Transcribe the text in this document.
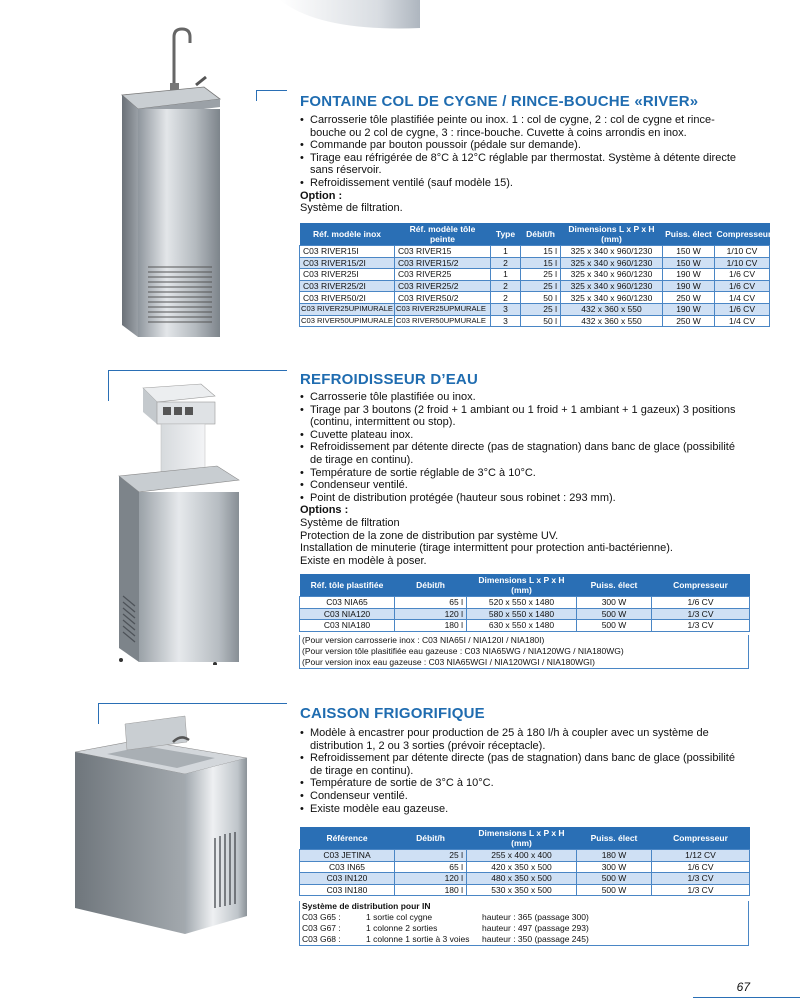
FONTAINE COL DE CYGNE / RINCE-BOUCHE «RIVER»
• Carrosserie tôle plastifiée peinte ou inox. 1 : col de cygne, 2 : col de cygne et rince-bouche ou 2 col de cygne, 3 : rince-bouche. Cuvette à coins arrondis en inox.
• Commande par bouton poussoir (pédale sur demande).
• Tirage eau réfrigérée de 8°C à 12°C réglable par thermostat. Système à détente directe sans réservoir.
• Refroidissement ventilé (sauf modèle 15).
Option :
Système de filtration.
Réf. modèle inox	Réf. modèle tôle peinte	Type	Débit/h	Dimensions L x P x H (mm)	Puiss. élect	Compresseur
C03 RIVER15I	C03 RIVER15	1	15 l	325 x 340 x 960/1230	150 W	1/10 CV
C03 RIVER15/2I	C03 RIVER15/2	2	15 l	325 x 340 x 960/1230	150 W	1/10 CV
C03 RIVER25I	C03 RIVER25	1	25 l	325 x 340 x 960/1230	190 W	1/6 CV
C03 RIVER25/2I	C03 RIVER25/2	2	25 l	325 x 340 x 960/1230	190 W	1/6 CV
C03 RIVER50/2I	C03 RIVER50/2	2	50 l	325 x 340 x 960/1230	250 W	1/4 CV
C03 RIVER25UPIMURALE	C03 RIVER25UPMURALE	3	25 l	432 x 360 x 550	190 W	1/6 CV
C03 RIVER50UPIMURALE	C03 RIVER50UPMURALE	3	50 l	432 x 360 x 550	250 W	1/4 CV
REFROIDISSEUR D’EAU
• Carrosserie tôle plastifiée ou inox.
• Tirage par 3 boutons (2 froid + 1 ambiant ou 1 froid + 1 ambiant + 1 gazeux) 3 positions (continu, intermittent ou stop).
• Cuvette plateau inox.
• Refroidissement par détente directe (pas de stagnation) dans banc de glace (possibilité de tirage en continu).
• Température de sortie réglable de 3°C à 10°C.
• Condenseur ventilé.
• Point de distribution protégée (hauteur sous robinet : 293 mm).
Options :
Système de filtration
Protection de la zone de distribution par système UV.
Installation de minuterie (tirage intermittent pour protection anti-bactérienne).
Existe en modèle à poser.
Réf. tôle plastifiée	Débit/h	Dimensions L x P x H (mm)	Puiss. élect	Compresseur
C03 NIA65	65 l	520 x 550 x 1480	300 W	1/6 CV
C03 NIA120	120 l	580 x 550 x 1480	500 W	1/3 CV
C03 NIA180	180 l	630 x 550 x 1480	500 W	1/3 CV
(Pour version carrosserie inox : C03 NIA65I / NIA120I / NIA180I)
(Pour version tôle plasitifiée eau gazeuse : C03 NIA65WG / NIA120WG / NIA180WG)
(Pour version inox eau gazeuse : C03 NIA65WGI / NIA120WGI / NIA180WGI)
CAISSON FRIGORIFIQUE
• Modèle à encastrer pour production de 25 à 180 l/h à coupler avec un système de distribution 1, 2 ou 3 sorties (prévoir réceptacle).
• Refroidissement par détente directe (pas de stagnation) dans banc de glace (possibilité de tirage en continu).
• Température de sortie de 3°C à 10°C.
• Condenseur ventilé.
• Existe modèle eau gazeuse.
Référence	Débit/h	Dimensions L x P x H (mm)	Puiss. élect	Compresseur
C03 JETINA	25 l	255 x 400 x 400	180 W	1/12 CV
C03 IN65	65 l	420 x 350 x 500	300 W	1/6 CV
C03 IN120	120 l	480 x 350 x 500	500 W	1/3 CV
C03 IN180	180 l	530 x 350 x 500	500 W	1/3 CV
Système de distribution pour IN
C03 G65 :	1 sortie col cygne	hauteur : 365 (passage 300)
C03 G67 :	1 colonne 2 sorties	hauteur : 497 (passage 293)
C03 G68 :	1 colonne 1 sortie à 3 voies hauteur : 350 (passage 245)
67
